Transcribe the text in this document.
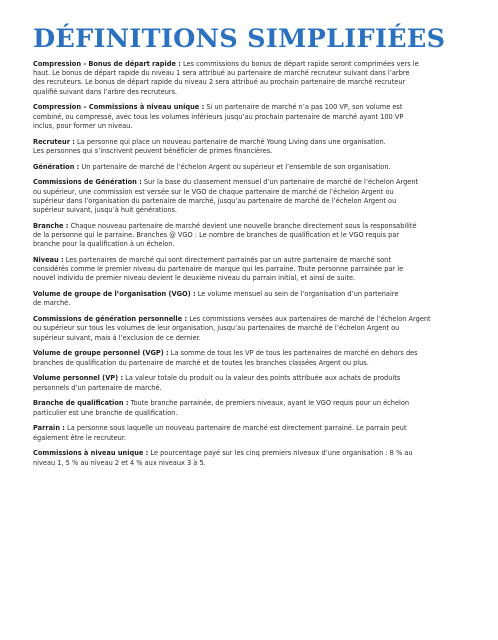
DÉFINITIONS SIMPLIFIÉES

Compression - Bonus de départ rapide : Les commissions du bonus de départ rapide seront comprimées vers le
haut. Le bonus de départ rapide du niveau 1 sera attribué au partenaire de marché recruteur suivant dans l’arbre
des recruteurs. Le bonus de départ rapide du niveau 2 sera attribué au prochain partenaire de marché recruteur
qualifié suivant dans l’arbre des recruteurs.

Compression – Commissions à niveau unique : Si un partenaire de marché n’a pas 100 VP, son volume est
combiné, ou compressé, avec tous les volumes inférieurs jusqu’au prochain partenaire de marché ayant 100 VP
inclus, pour former un niveau.

Recruteur : La personne qui place un nouveau partenaire de marché Young Living dans une organisation.
Les personnes qui s’inscrivent peuvent bénéficier de primes financières.

Génération : Un partenaire de marché de l’échelon Argent ou supérieur et l’ensemble de son organisation.

Commissions de Génération : Sur la base du classement mensuel d’un partenaire de marché de l’échelon Argent
ou supérieur, une commission est versée sur le VGO de chaque partenaire de marché de l’échelon Argent ou
supérieur dans l’organisation du partenaire de marché, jusqu’au partenaire de marché de l’échelon Argent ou
supérieur suivant, jusqu’à huit générations.

Branche : Chaque nouveau partenaire de marché devient une nouvelle branche directement sous la responsabilité
de la personne qui le parraine. Branches @ VGO : Le nombre de branches de qualification et le VGO requis par
branche pour la qualification à un échelon.

Niveau : Les partenaires de marché qui sont directement parrainés par un autre partenaire de marché sont
considérés comme le premier niveau du partenaire de marque qui les parraine. Toute personne parrainée par le
nouvel individu de premier niveau devient le deuxième niveau du parrain initial, et ainsi de suite.

Volume de groupe de l’organisation (VGO) : Le volume mensuel au sein de l’organisation d’un partenaire
de marché.

Commissions de génération personnelle : Les commissions versées aux partenaires de marché de l’échelon Argent
ou supérieur sur tous les volumes de leur organisation, jusqu’au partenaires de marché de l’échelon Argent ou
supérieur suivant, mais à l’exclusion de ce dernier.

Volume de groupe personnel (VGP) : La somme de tous les VP de tous les partenaires de marché en dehors des
branches de qualification du partenaire de marché et de toutes les branches classées Argent ou plus.

Volume personnel (VP) : La valeur totale du produit ou la valeur des points attribuée aux achats de produits
personnels d’un partenaire de marché.

Branche de qualification : Toute branche parrainée, de premiers niveaux, ayant le VGO requis pour un échelon
particulier est une branche de qualification.

Parrain : La personne sous laquelle un nouveau partenaire de marché est directement parrainé. Le parrain peut
également être le recruteur.

Commissions à niveau unique : Le pourcentage payé sur les cinq premiers niveaux d’une organisation : 8 % au
niveau 1, 5 % au niveau 2 et 4 % aux niveaux 3 à 5.
